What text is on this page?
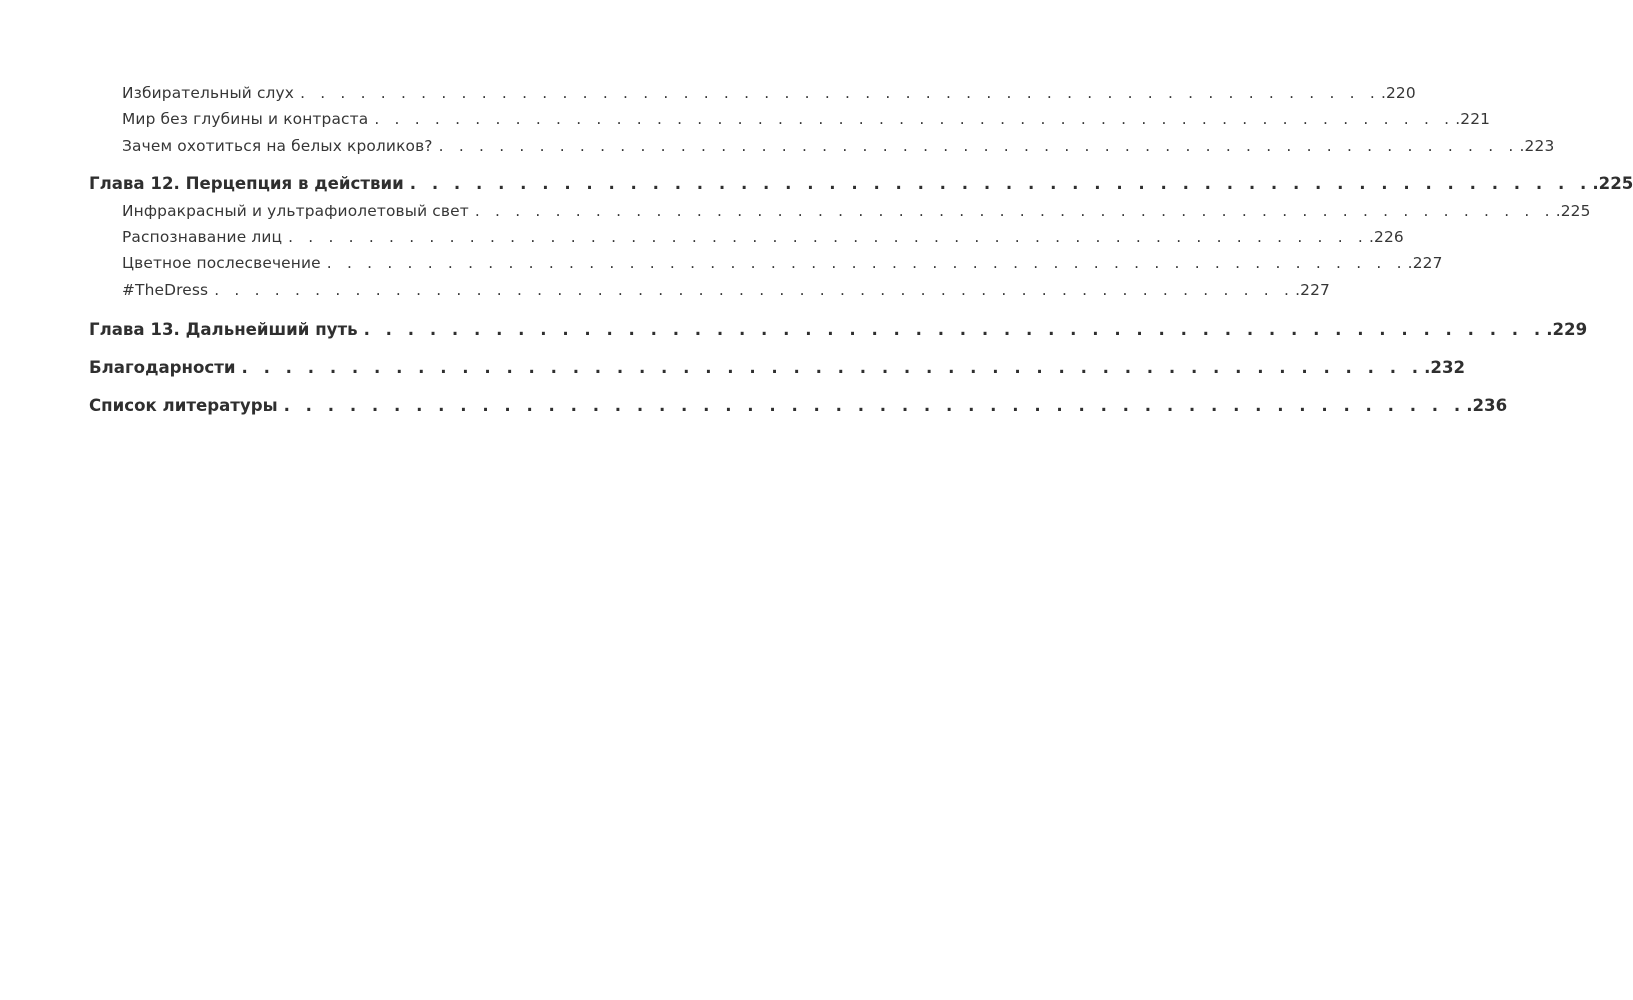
Избирательный слух . . . . . . . . . . . . . . . . . . . . . . . . . . . . . . . . . . . . . . . . . . . . . . . . . . . . . . .220
Мир без глубины и контраста . . . . . . . . . . . . . . . . . . . . . . . . . . . . . . . . . . . . . . . . . . . . . . . . . . . . . . .221
Зачем охотиться на белых кроликов? . . . . . . . . . . . . . . . . . . . . . . . . . . . . . . . . . . . . . . . . . . . . . . . . . . . . . . .223
Глава 12. Перцепция в действии . . . . . . . . . . . . . . . . . . . . . . . . . . . . . . . . . . . . . . . . . . . . . . . . . . . . . . .225
Инфракрасный и ультрафиолетовый свет . . . . . . . . . . . . . . . . . . . . . . . . . . . . . . . . . . . . . . . . . . . . . . . . . . . . . . .225
Распознавание лиц . . . . . . . . . . . . . . . . . . . . . . . . . . . . . . . . . . . . . . . . . . . . . . . . . . . . . . .226
Цветное послесвечение . . . . . . . . . . . . . . . . . . . . . . . . . . . . . . . . . . . . . . . . . . . . . . . . . . . . . . .227
#TheDress . . . . . . . . . . . . . . . . . . . . . . . . . . . . . . . . . . . . . . . . . . . . . . . . . . . . . . .227
Глава 13. Дальнейший путь . . . . . . . . . . . . . . . . . . . . . . . . . . . . . . . . . . . . . . . . . . . . . . . . . . . . . . .229
Благодарности . . . . . . . . . . . . . . . . . . . . . . . . . . . . . . . . . . . . . . . . . . . . . . . . . . . . . . .232
Список литературы . . . . . . . . . . . . . . . . . . . . . . . . . . . . . . . . . . . . . . . . . . . . . . . . . . . . . . .236
